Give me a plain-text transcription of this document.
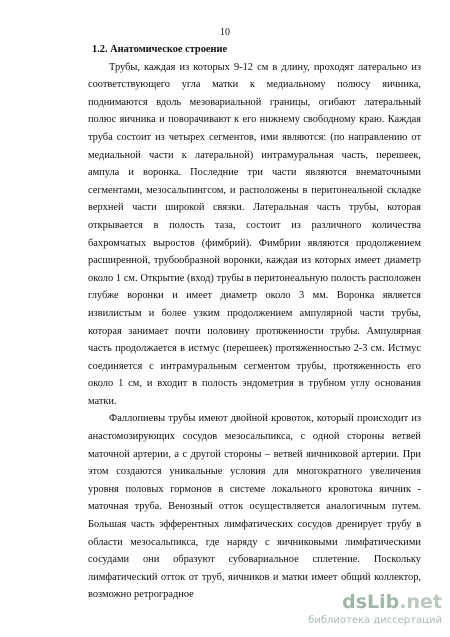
10

1.2. Анатомическое строение

Трубы, каждая из которых 9-12 см в длину, проходят латерально из соответствующего угла матки к медиальному полюсу яичника, поднимаются вдоль мезовариальной границы, огибают латеральный полюс яичника и поворачивают к его нижнему свободному краю. Каждая труба состоит из четырех сегментов, ими являются: (по направлению от медиальной части к латеральной) интрамуральная часть, перешеек, ампула и воронка. Последние три части являются внематочными сегментами, мезосальпингсом, и расположены в перитонеальной складке верхней части широкой связки. Латеральная часть трубы, которая открывается в полость таза, состоит из различного количества бахромчатых выростов (фимбрий). Фимбрии являются продолжением расширенной, трубообразной воронки, каждая из которых имеет диаметр около 1 см. Открытие (вход) трубы в перитонеальную полость расположен глубже воронки и имеет диаметр около 3 мм. Воронка является извилистым и более узким продолжением ампулярной части трубы, которая занимает почти половину протяженности трубы. Ампулярная часть продолжается в истмус (перешеек) протяженностью 2-3 см. Истмус соединяется с интрамуральным сегментом трубы, протяженность его около 1 см, и входит в полость эндометрия в трубном углу основания матки.

Фаллопиевы трубы имеют двойной кровоток, который происходит из анастомозирующих сосудов мезосальпикса, с одной стороны ветвей маточной артерии, а с другой стороны – ветвей яичниковой артерии. При этом создаются уникальные условия для многократного увеличения уровня половых гормонов в системе локального кровотока яичник - маточная труба. Венозный отток осуществляется аналогичным путем. Большая часть эфферентных лимфатических сосудов дренирует трубу в области мезосальпикса, где наряду с яичниковыми лимфатическими сосудами они образуют субовариальное сплетение. Поскольку лимфатический отток от труб, яичников и матки имеет общий коллектор, возможно ретроградное	dsLib.net
библиотека диссертаций
